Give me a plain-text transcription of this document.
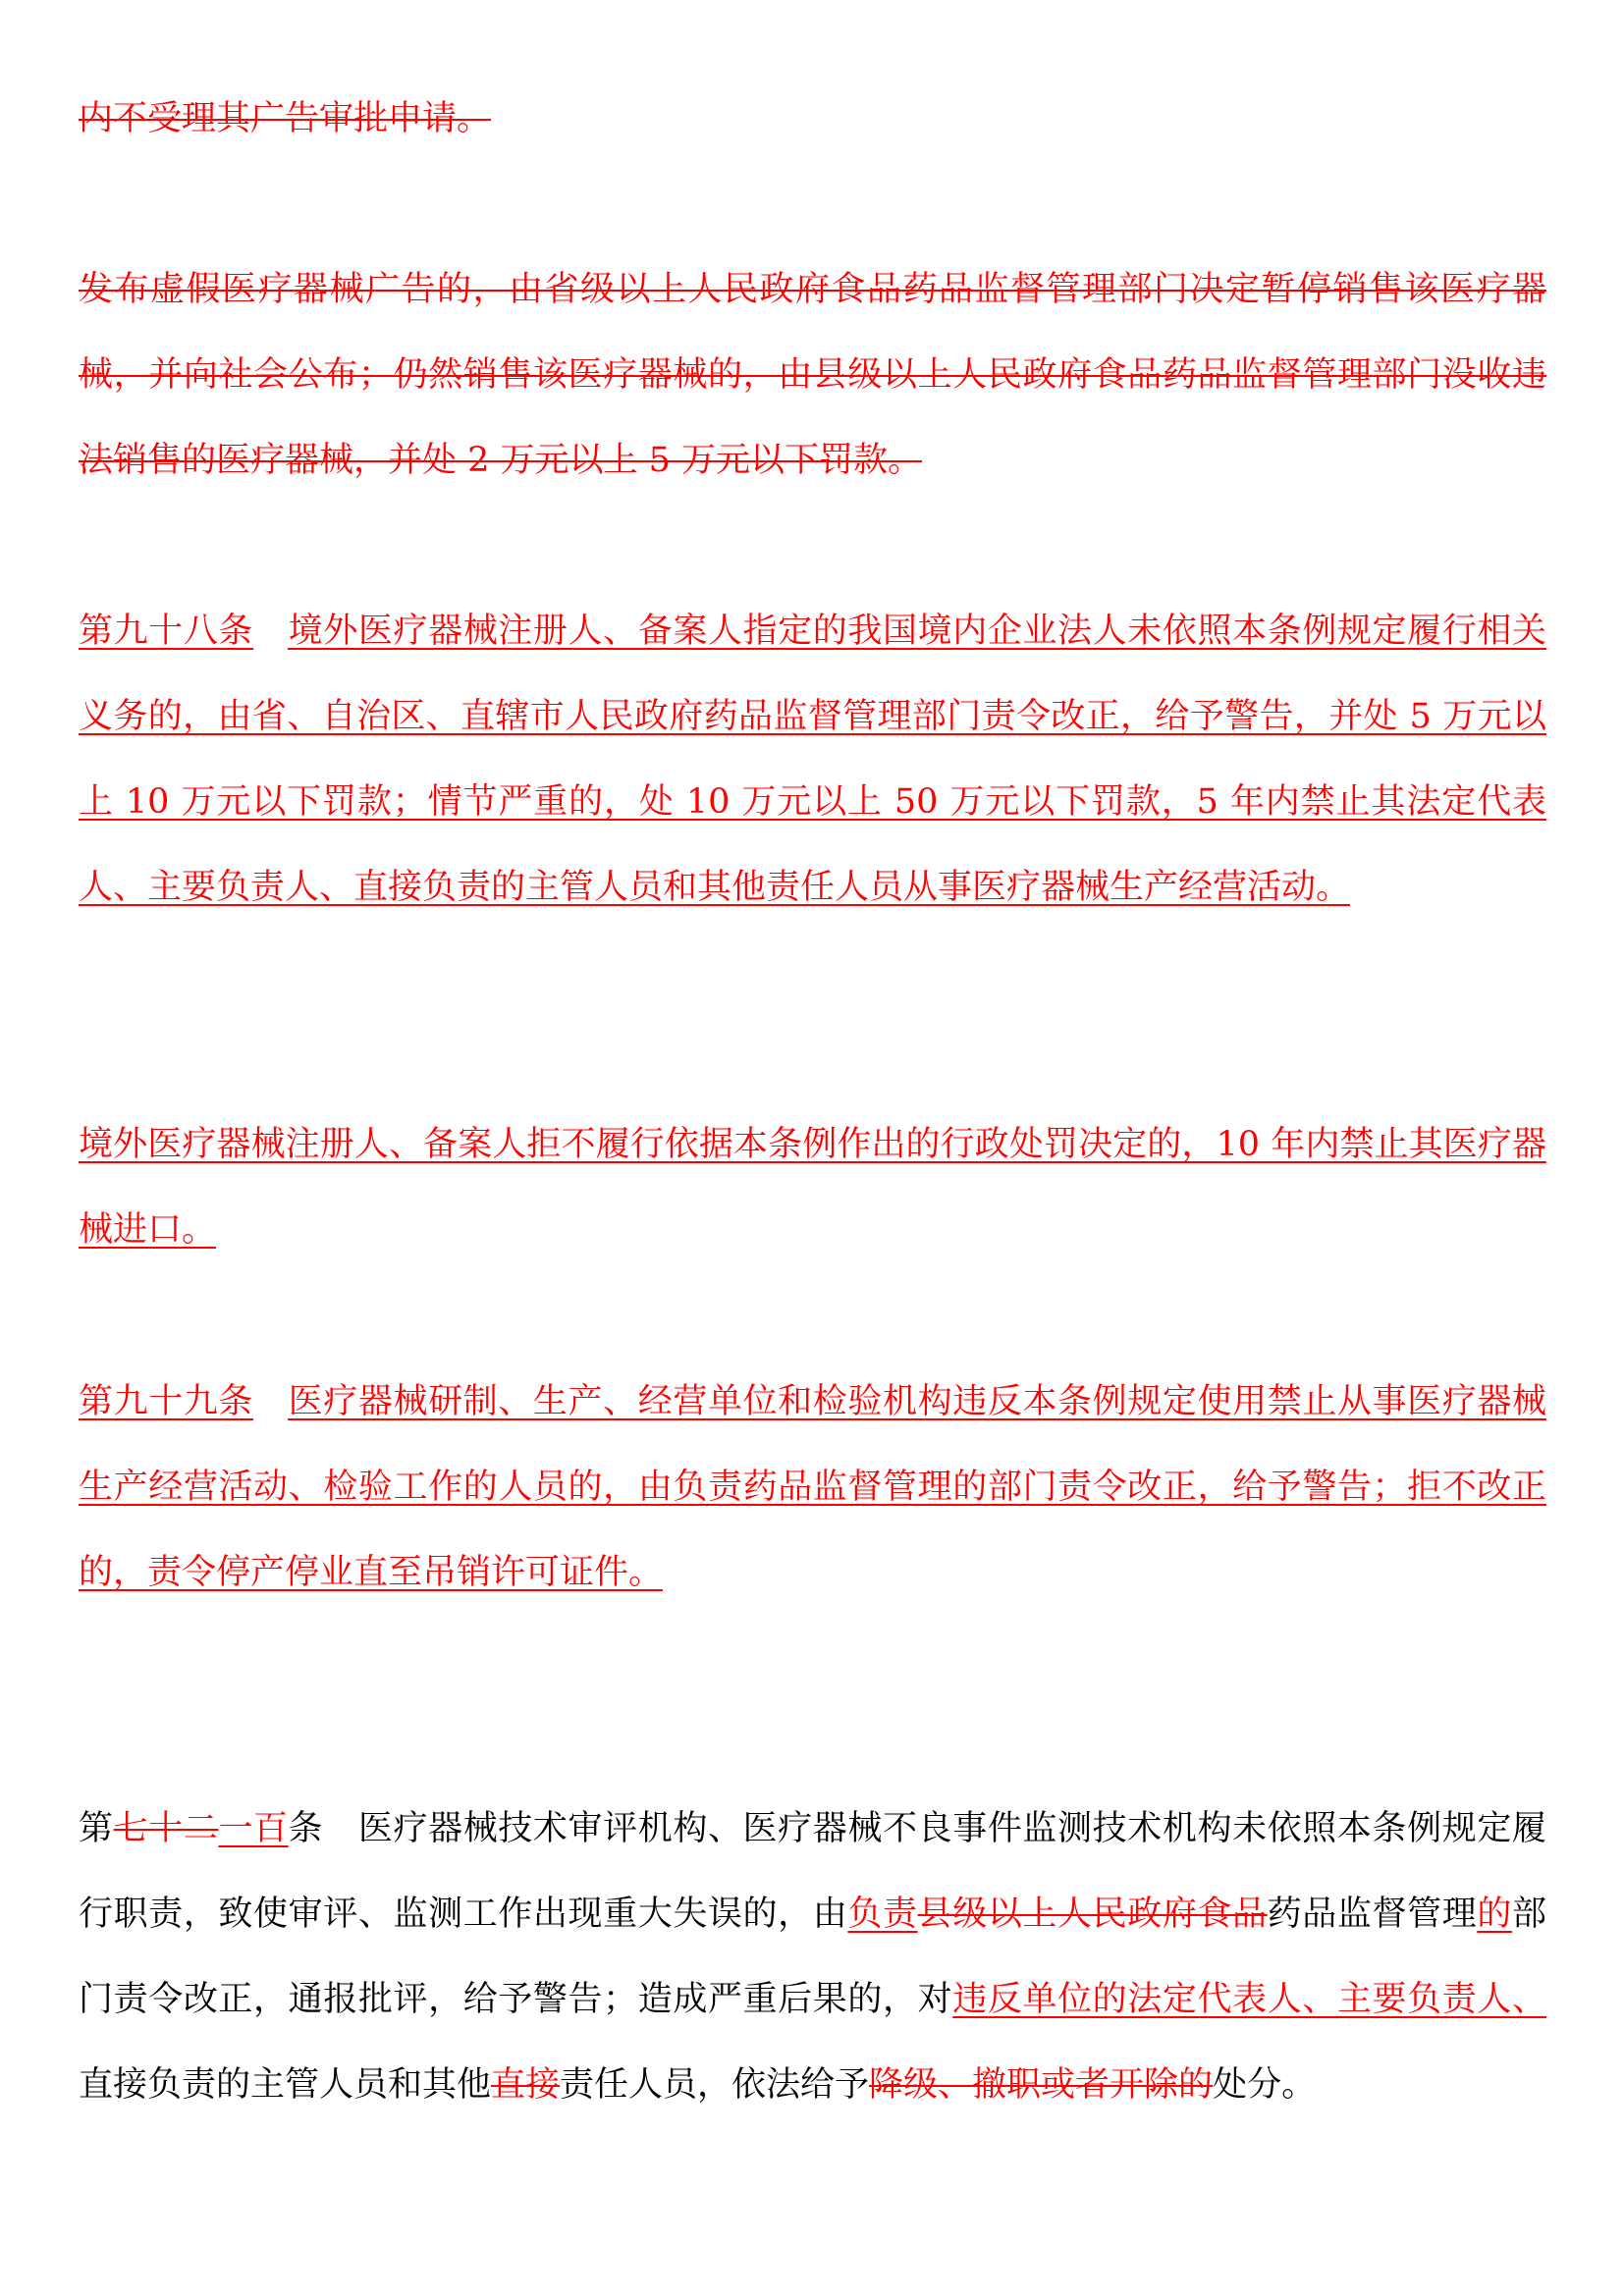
内不受理其广告审批申请。
发布虚假医疗器械广告的，由省级以上人民政府食品药品监督管理部门决定暂停销售该医疗器械，并向社会公布；仍然销售该医疗器械的，由县级以上人民政府食品药品监督管理部门没收违法销售的医疗器械，并处 2 万元以上 5 万元以下罚款。
第九十八条 境外医疗器械注册人、备案人指定的我国境内企业法人未依照本条例规定履行相关义务的，由省、自治区、直辖市人民政府药品监督管理部门责令改正，给予警告，并处 5 万元以上 10 万元以下罚款；情节严重的，处 10 万元以上 50 万元以下罚款，5 年内禁止其法定代表人、主要负责人、直接负责的主管人员和其他责任人员从事医疗器械生产经营活动。
境外医疗器械注册人、备案人拒不履行依据本条例作出的行政处罚决定的，10 年内禁止其医疗器械进口。
第九十九条 医疗器械研制、生产、经营单位和检验机构违反本条例规定使用禁止从事医疗器械生产经营活动、检验工作的人员的，由负责药品监督管理的部门责令改正，给予警告；拒不改正的，责令停产停业直至吊销许可证件。
第七十二一百条 医疗器械技术审评机构、医疗器械不良事件监测技术机构未依照本条例规定履行职责，致使审评、监测工作出现重大失误的，由负责县级以上人民政府食品药品监督管理的部门责令改正，通报批评，给予警告；造成严重后果的，对违反单位的法定代表人、主要负责人、直接负责的主管人员和其他直接责任人员，依法给予降级、撤职或者开除的处分。
